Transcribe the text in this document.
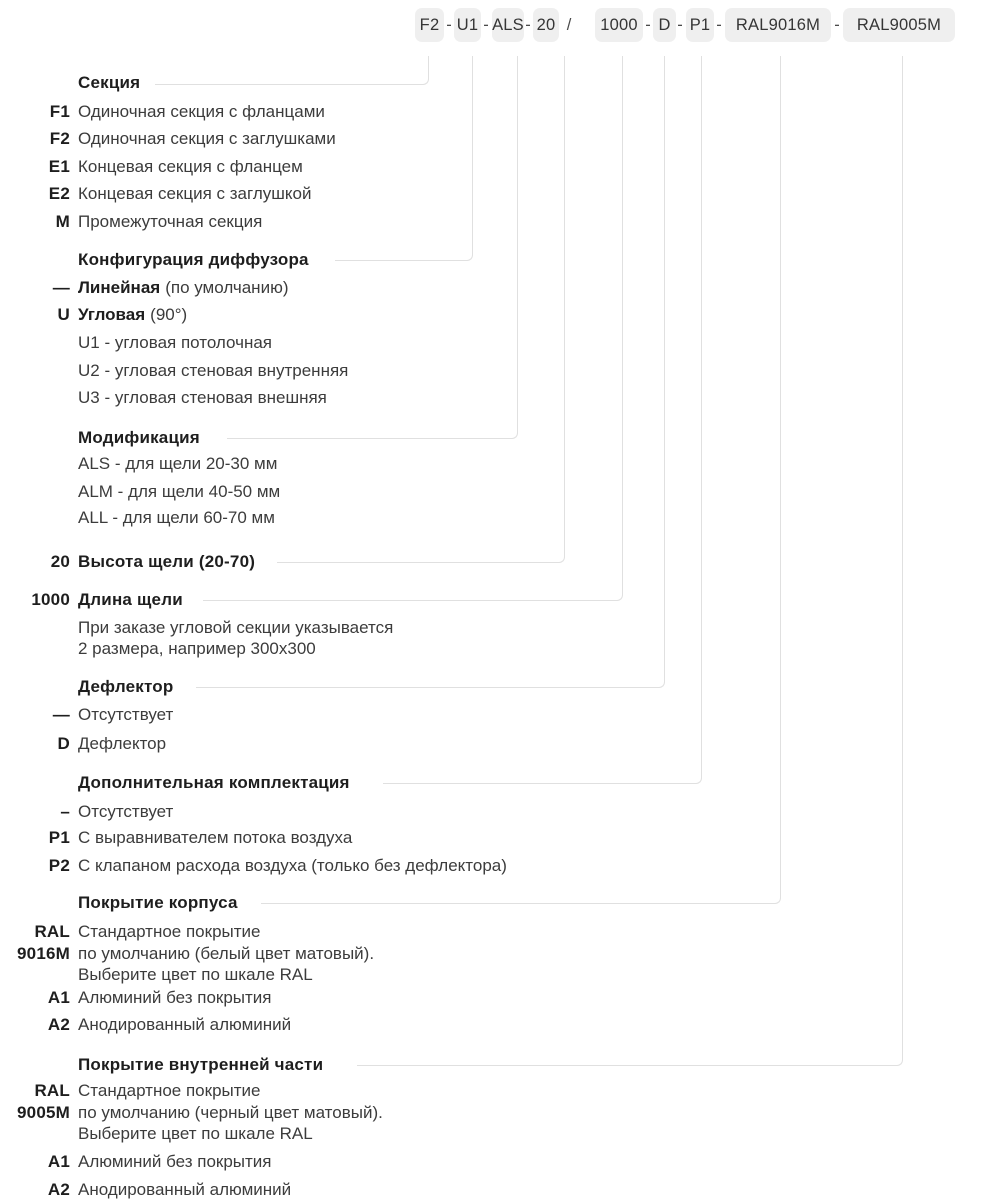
F2 - U1 - ALS - 20 /	1000 - D - P1 - RAL9016M -	RAL9005M
Секция
F1 Одиночная секция с фланцами
F2 Одиночная секция с заглушками
E1 Концевая секция с фланцем
E2 Концевая секция с заглушкой
M Промежуточная секция
Конфигурация диффузора
— Линейная (по умолчанию)
U Угловая (90°)
U1 - угловая потолочная
U2 - угловая стеновая внутренняя
U3 - угловая стеновая внешняя
Модификация
ALS - для щели 20-30 мм
ALM - для щели 40-50 мм
ALL - для щели 60-70 мм
20 Высота щели (20-70)
1000 Длина щели
При заказе угловой секции указывается
2 размера, например 300х300
Дефлектор
— Отсутствует
D Дефлектор
Дополнительная комплектация
– Отсутствует
P1 С выравнивателем потока воздуха
P2 С клапаном расхода воздуха (только без дефлектора)
Покрытие корпуса
RAL Стандартное покрытие
9016M по умолчанию (белый цвет матовый).
Выберите цвет по шкале RAL
A1 Алюминий без покрытия
A2 Анодированный алюминий
Покрытие внутренней части
RAL Стандартное покрытие
9005M по умолчанию (черный цвет матовый).
Выберите цвет по шкале RAL
A1 Алюминий без покрытия
A2 Анодированный алюминий
